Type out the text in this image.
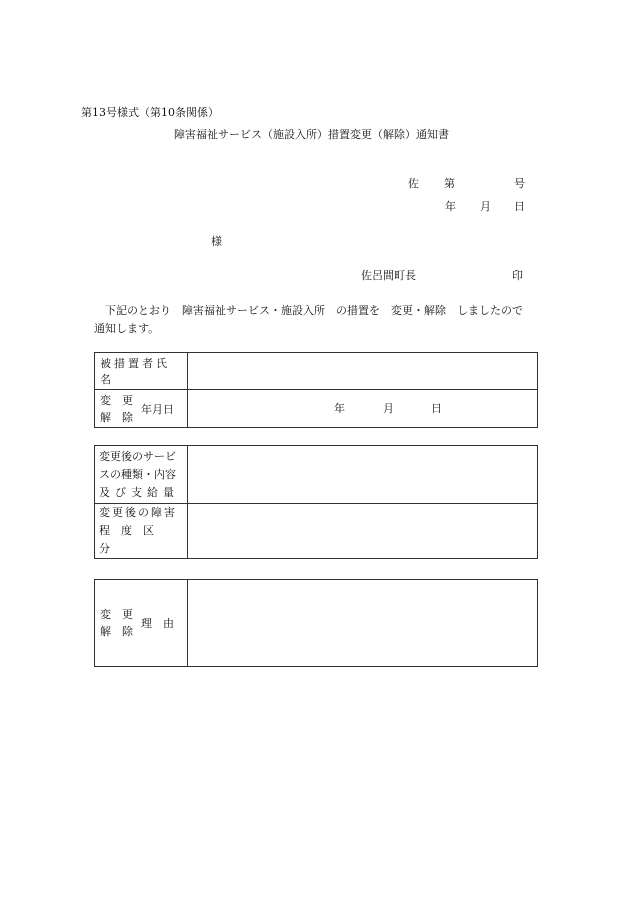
第13号様式（第10条関係）
障害福祉サービス（施設入所）措置変更（解除）通知書
佐 第	号
年 月 日
様
佐呂間町長	印
下記のとおり　障害福祉サービス・施設入所　の措置を　変更・解除　しましたので
通知します。
被措置者氏名	

変　更
解　除
年月日	年 月 日
変更後のサービ
スの種類・内容
及び支給量	

変更後の障害
程度区分	

変　更
解　除
理　由
